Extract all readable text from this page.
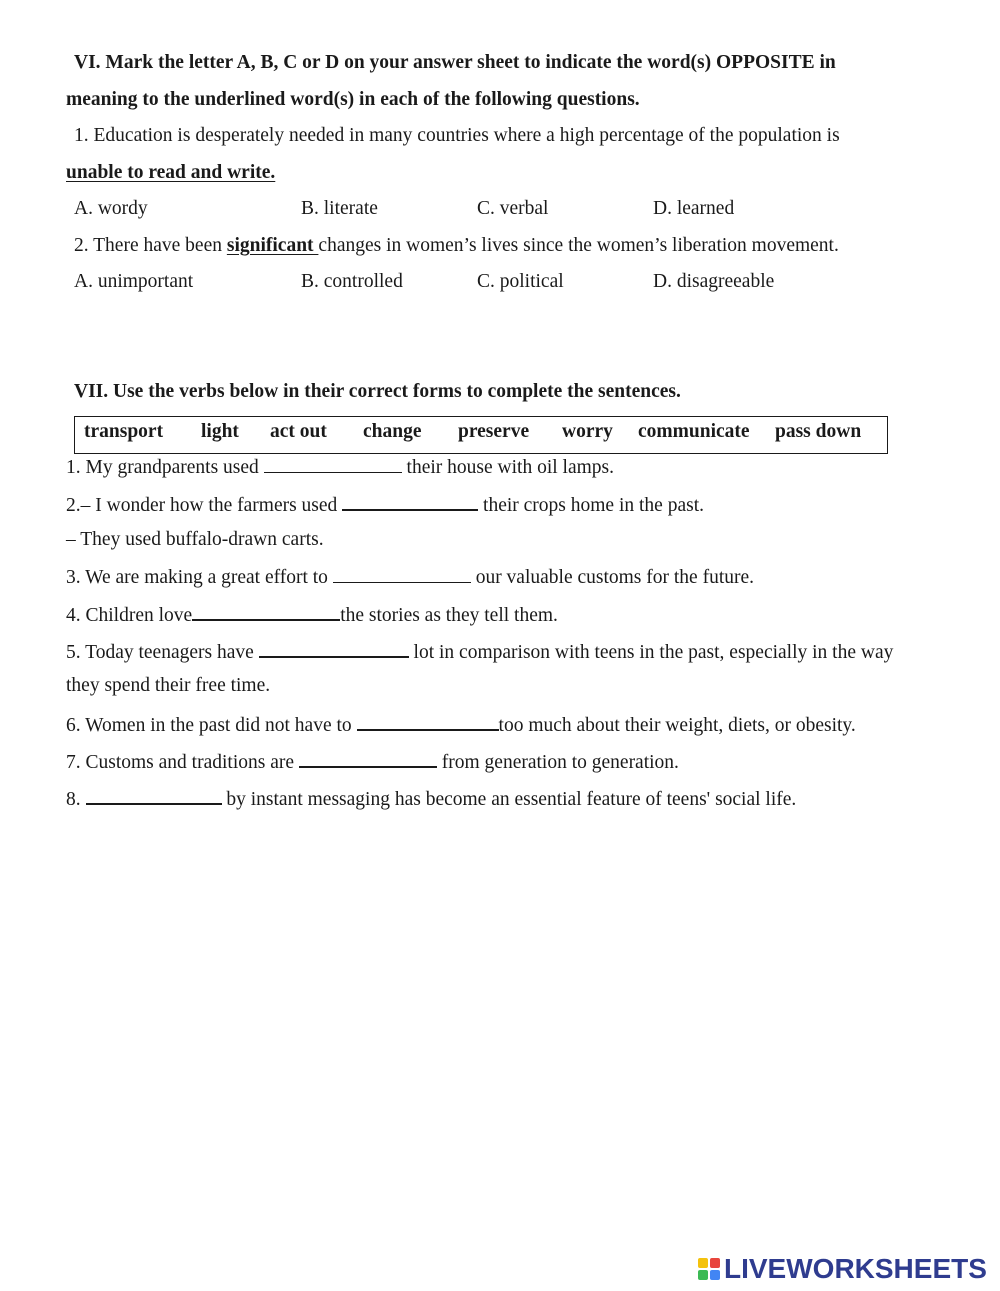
VI. Mark the letter A, B, C or D on your answer sheet to indicate the word(s) OPPOSITE in
meaning to the underlined word(s) in each of the following questions.
1. Education is desperately needed in many countries where a high percentage of the population is
unable to read and write.
A. wordy	B. literate	C. verbal	D. learned
2. There have been significant changes in women’s lives since the women’s liberation movement.
A. unimportant	B. controlled	C. political	D. disagreeable
VII. Use the verbs below in their correct forms to complete the sentences.
transport light act out change preserve worry communicate pass down
1. My grandparents used	their house with oil lamps.
2.– I wonder how the farmers used	their crops home in the past.
– They used buffalo-drawn carts.
3. We are making a great effort to	our valuable customs for the future.
4. Children love	the stories as they tell them.
5. Today teenagers have	lot in comparison with teens in the past, especially in the way
they spend their free time.
6. Women in the past did not have to	too much about their weight, diets, or obesity.
7. Customs and traditions are	from generation to generation.
8.	by instant messaging has become an essential feature of teens' social life.
LIVEWORKSHEETS
